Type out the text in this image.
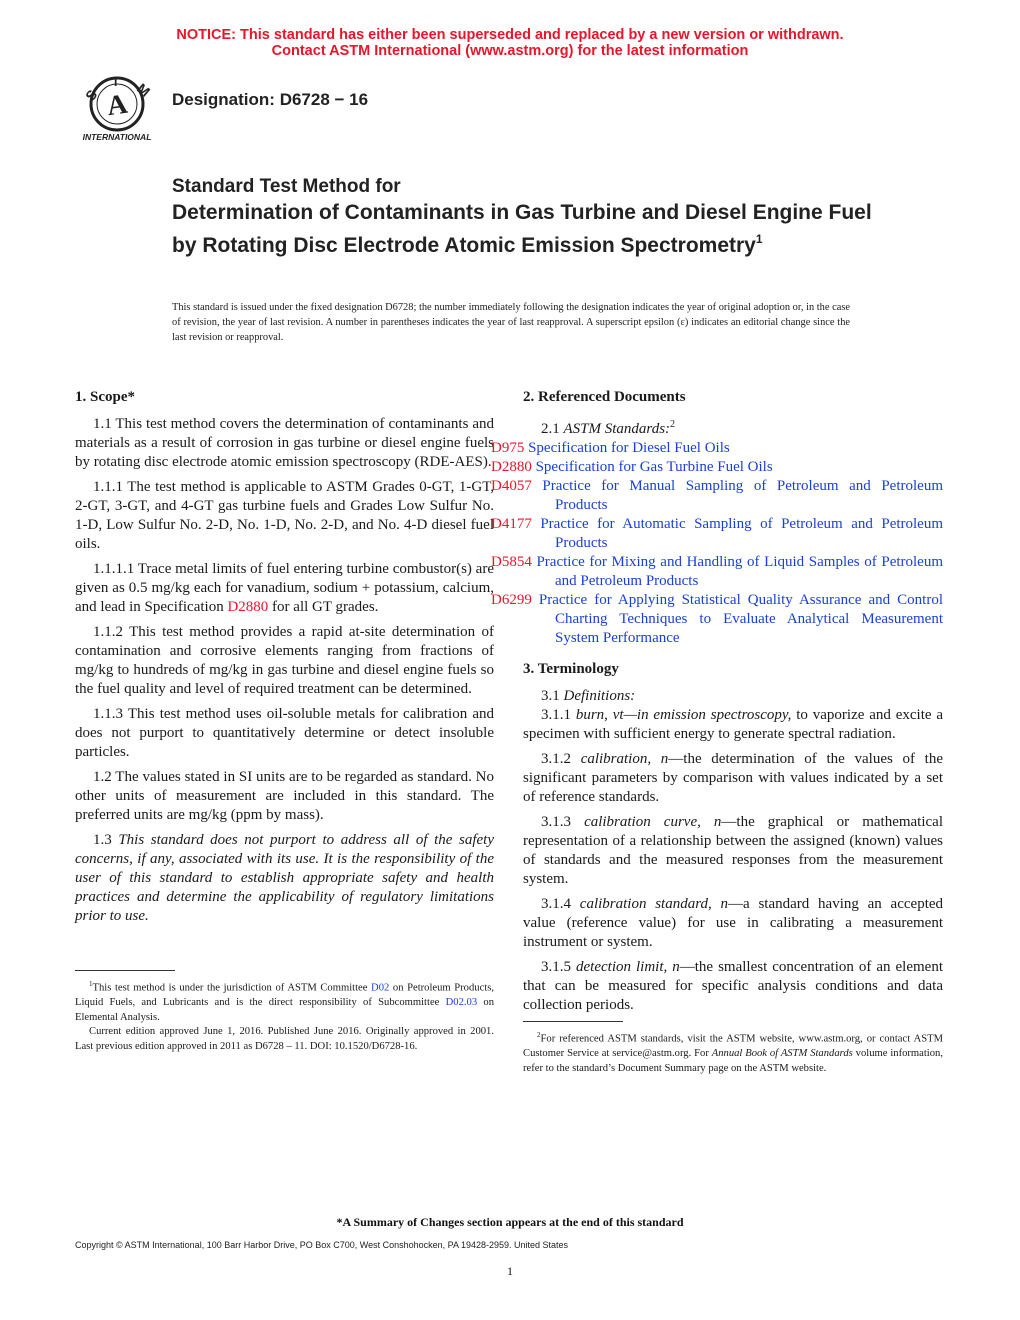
NOTICE: This standard has either been superseded and replaced by a new version or withdrawn.
Contact ASTM International (www.astm.org) for the latest information
A
S M
T
INTERNATIONAL
Designation: D6728 − 16
Standard Test Method for
Determination of Contaminants in Gas Turbine and Diesel Engine Fuel by Rotating Disc Electrode Atomic Emission Spectrometry$^1$
This standard is issued under the fixed designation D6728; the number immediately following the designation indicates the year of original adoption or, in the case of revision, the year of last revision. A number in parentheses indicates the year of last reapproval. A superscript epsilon (ε) indicates an editorial change since the last revision or reapproval.
1. Scope*

1.1 This test method covers the determination of contaminants and materials as a result of corrosion in gas turbine or diesel engine fuels by rotating disc electrode atomic emission spectroscopy (RDE-AES).

1.1.1 The test method is applicable to ASTM Grades 0-GT, 1-GT, 2-GT, 3-GT, and 4-GT gas turbine fuels and Grades Low Sulfur No. 1-D, Low Sulfur No. 2-D, No. 1-D, No. 2-D, and No. 4-D diesel fuel oils.

1.1.1.1 Trace metal limits of fuel entering turbine combustor(s) are given as 0.5 mg/kg each for vanadium, sodium + potassium, calcium, and lead in Specification D2880 for all GT grades.

1.1.2 This test method provides a rapid at-site determination of contamination and corrosive elements ranging from fractions of mg/kg to hundreds of mg/kg in gas turbine and diesel engine fuels so the fuel quality and level of required treatment can be determined.

1.1.3 This test method uses oil-soluble metals for calibration and does not purport to quantitatively determine or detect insoluble particles.

1.2 The values stated in SI units are to be regarded as standard. No other units of measurement are included in this standard. The preferred units are mg/kg (ppm by mass).

1.3 This standard does not purport to address all of the safety concerns, if any, associated with its use. It is the responsibility of the user of this standard to establish appropriate safety and health practices and determine the applicability of regulatory limitations prior to use.

$^1$This test method is under the jurisdiction of ASTM Committee D02 on Petroleum Products, Liquid Fuels, and Lubricants and is the direct responsibility of Subcommittee D02.03 on Elemental Analysis.

Current edition approved June 1, 2016. Published June 2016. Originally approved in 2001. Last previous edition approved in 2011 as D6728 – 11. DOI: 10.1520/D6728-16.

2. Referenced Documents

2.1 ASTM Standards:$^2$

D975 Specification for Diesel Fuel Oils
D2880 Specification for Gas Turbine Fuel Oils
D4057 Practice for Manual Sampling of Petroleum and Petroleum Products
D4177 Practice for Automatic Sampling of Petroleum and Petroleum Products
D5854 Practice for Mixing and Handling of Liquid Samples of Petroleum and Petroleum Products
D6299 Practice for Applying Statistical Quality Assurance and Control Charting Techniques to Evaluate Analytical Measurement System Performance
3. Terminology

3.1 Definitions:

3.1.1 burn, vt—in emission spectroscopy, to vaporize and excite a specimen with sufficient energy to generate spectral radiation.

3.1.2 calibration, n—the determination of the values of the significant parameters by comparison with values indicated by a set of reference standards.

3.1.3 calibration curve, n—the graphical or mathematical representation of a relationship between the assigned (known) values of standards and the measured responses from the measurement system.

3.1.4 calibration standard, n—a standard having an accepted value (reference value) for use in calibrating a measurement instrument or system.

3.1.5 detection limit, n—the smallest concentration of an element that can be measured for specific analysis conditions and data collection periods.

$^2$For referenced ASTM standards, visit the ASTM website, www.astm.org, or contact ASTM Customer Service at service@astm.org. For Annual Book of ASTM Standards volume information, refer to the standard’s Document Summary page on the ASTM website.

*A Summary of Changes section appears at the end of this standard
Copyright © ASTM International, 100 Barr Harbor Drive, PO Box C700, West Conshohocken, PA 19428-2959. United States
1
